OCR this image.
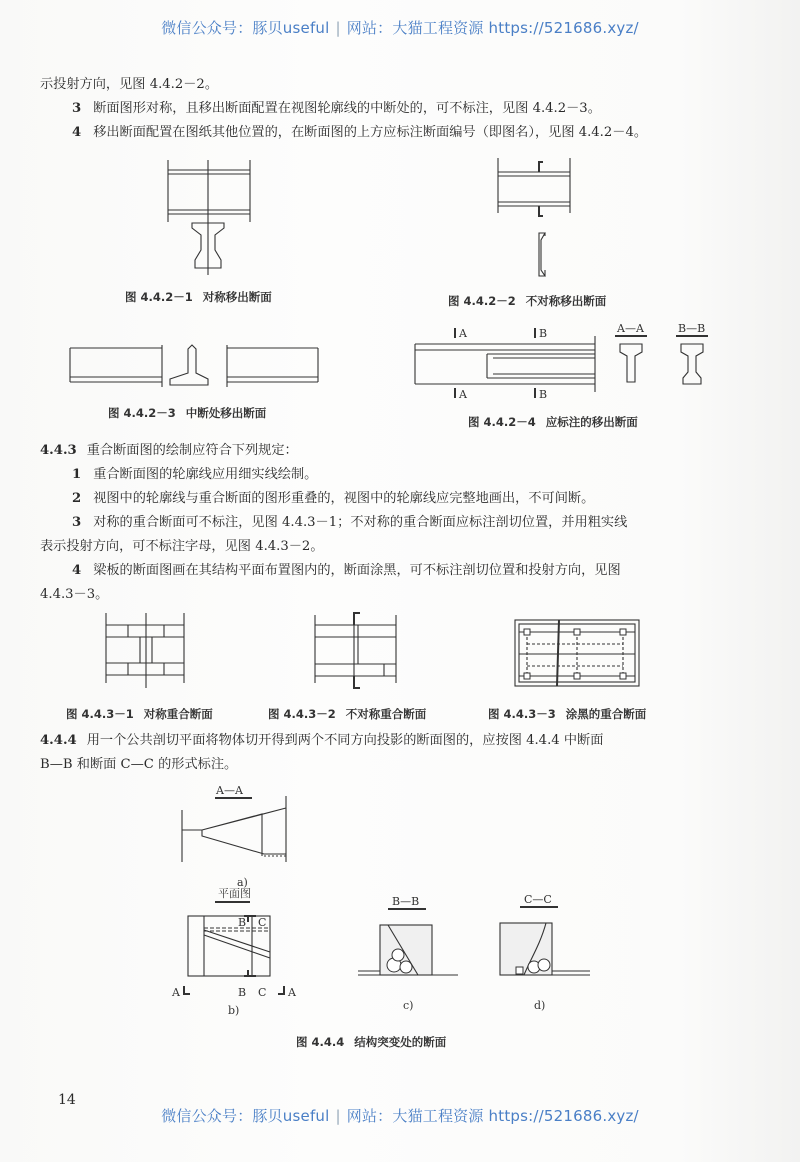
微信公众号：豚贝useful | 网站：大猫工程资源 https://521686.xyz/
示投射方向，见图 4.4.2－2。
3 断面图形对称，且移出断面配置在视图轮廓线的中断处的，可不标注，见图 4.4.2－3。
4 移出断面配置在图纸其他位置的，在断面图的上方应标注断面编号（即图名），见图 4.4.2－4。
图 4.4.2－1 对称移出断面	图 4.4.2－2 不对称移出断面
图 4.4.2－3 中断处移出断面
A
A
B
B
A—A	B—B
图 4.4.2－4 应标注的移出断面
4.4.3 重合断面图的绘制应符合下列规定：
1 重合断面图的轮廓线应用细实线绘制。
2 视图中的轮廓线与重合断面的图形重叠的，视图中的轮廓线应完整地画出，不可间断。
3 对称的重合断面可不标注，见图 4.4.3－1；不对称的重合断面应标注剖切位置，并用粗实线
表示投射方向，可不标注字母，见图 4.4.3－2。
4 梁板的断面图画在其结构平面布置图内的，断面涂黑，可不标注剖切位置和投射方向，见图
4.4.3－3。
图 4.4.3－1 对称重合断面	图 4.4.3－2 不对称重合断面	图 4.4.3－3 涂黑的重合断面
4.4.4 用一个公共剖切平面将物体切开得到两个不同方向投影的断面图的，应按图 4.4.4 中断面
B—B 和断面 C—C 的形式标注。
A—A
a)
平面图
B C
A	B C A
b)
B—B
c)
C—C
d)
图 4.4.4 结构突变处的断面
14
微信公众号：豚贝useful | 网站：大猫工程资源 https://521686.xyz/
